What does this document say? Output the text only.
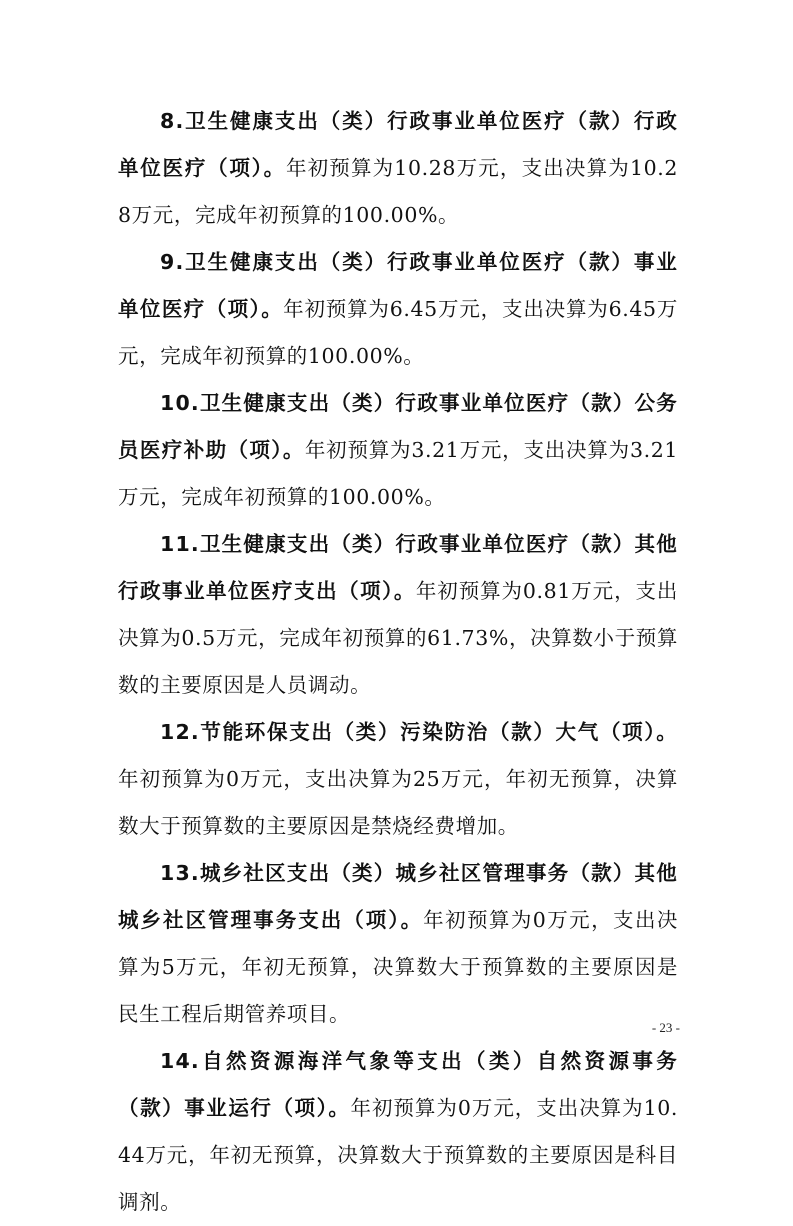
8.卫生健康支出（类）行政事业单位医疗（款）行政单位医疗（项）。年初预算为10.28万元，支出决算为10.28万元，完成年初预算的100.00%。

9.卫生健康支出（类）行政事业单位医疗（款）事业单位医疗（项）。年初预算为6.45万元，支出决算为6.45万元，完成年初预算的100.00%。

10.卫生健康支出（类）行政事业单位医疗（款）公务员医疗补助（项）。年初预算为3.21万元，支出决算为3.21万元，完成年初预算的100.00%。

11.卫生健康支出（类）行政事业单位医疗（款）其他行政事业单位医疗支出（项）。年初预算为0.81万元，支出决算为0.5万元，完成年初预算的61.73%，决算数小于预算数的主要原因是人员调动。

12.节能环保支出（类）污染防治（款）大气（项）。年初预算为0万元，支出决算为25万元，年初无预算，决算数大于预算数的主要原因是禁烧经费增加。

13.城乡社区支出（类）城乡社区管理事务（款）其他城乡社区管理事务支出（项）。年初预算为0万元，支出决算为5万元，年初无预算，决算数大于预算数的主要原因是民生工程后期管养项目。

14.自然资源海洋气象等支出（类）自然资源事务（款）事业运行（项）。年初预算为0万元，支出决算为10.44万元，年初无预算，决算数大于预算数的主要原因是科目调剂。

- 23 -
